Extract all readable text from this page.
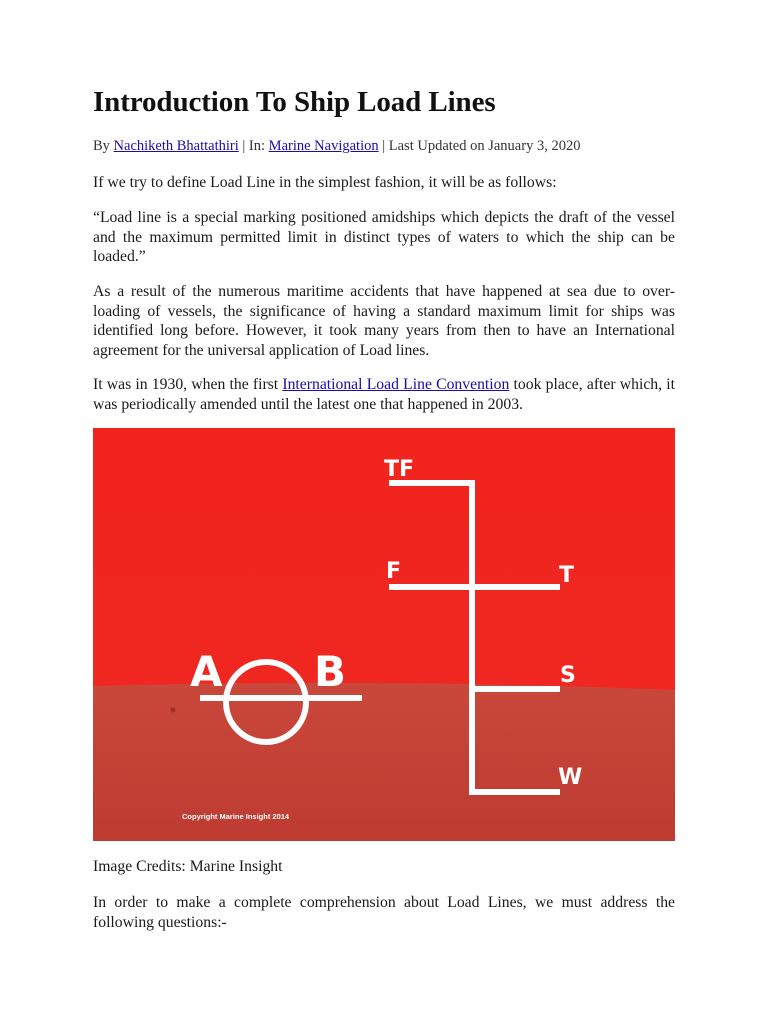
Introduction To Ship Load Lines

By Nachiketh Bhattathiri | In: Marine Navigation | Last Updated on January 3, 2020

If we try to define Load Line in the simplest fashion, it will be as follows:

“Load line is a special marking positioned amidships which depicts the draft of the vessel and the maximum permitted limit in distinct types of waters to which the ship can be loaded.”

As a result of the numerous maritime accidents that have happened at sea due to over-loading of vessels, the significance of having a standard maximum limit for ships was identified long before. However, it took many years from then to have an International agreement for the universal application of Load lines.

It was in 1930, when the first International Load Line Convention took place, after which, it was periodically amended until the latest one that happened in 2003.

TF
F	T
S
W
A B
Copyright Marine Insight 2014

Image Credits: Marine Insight

In order to make a complete comprehension about Load Lines, we must address the following questions:-
